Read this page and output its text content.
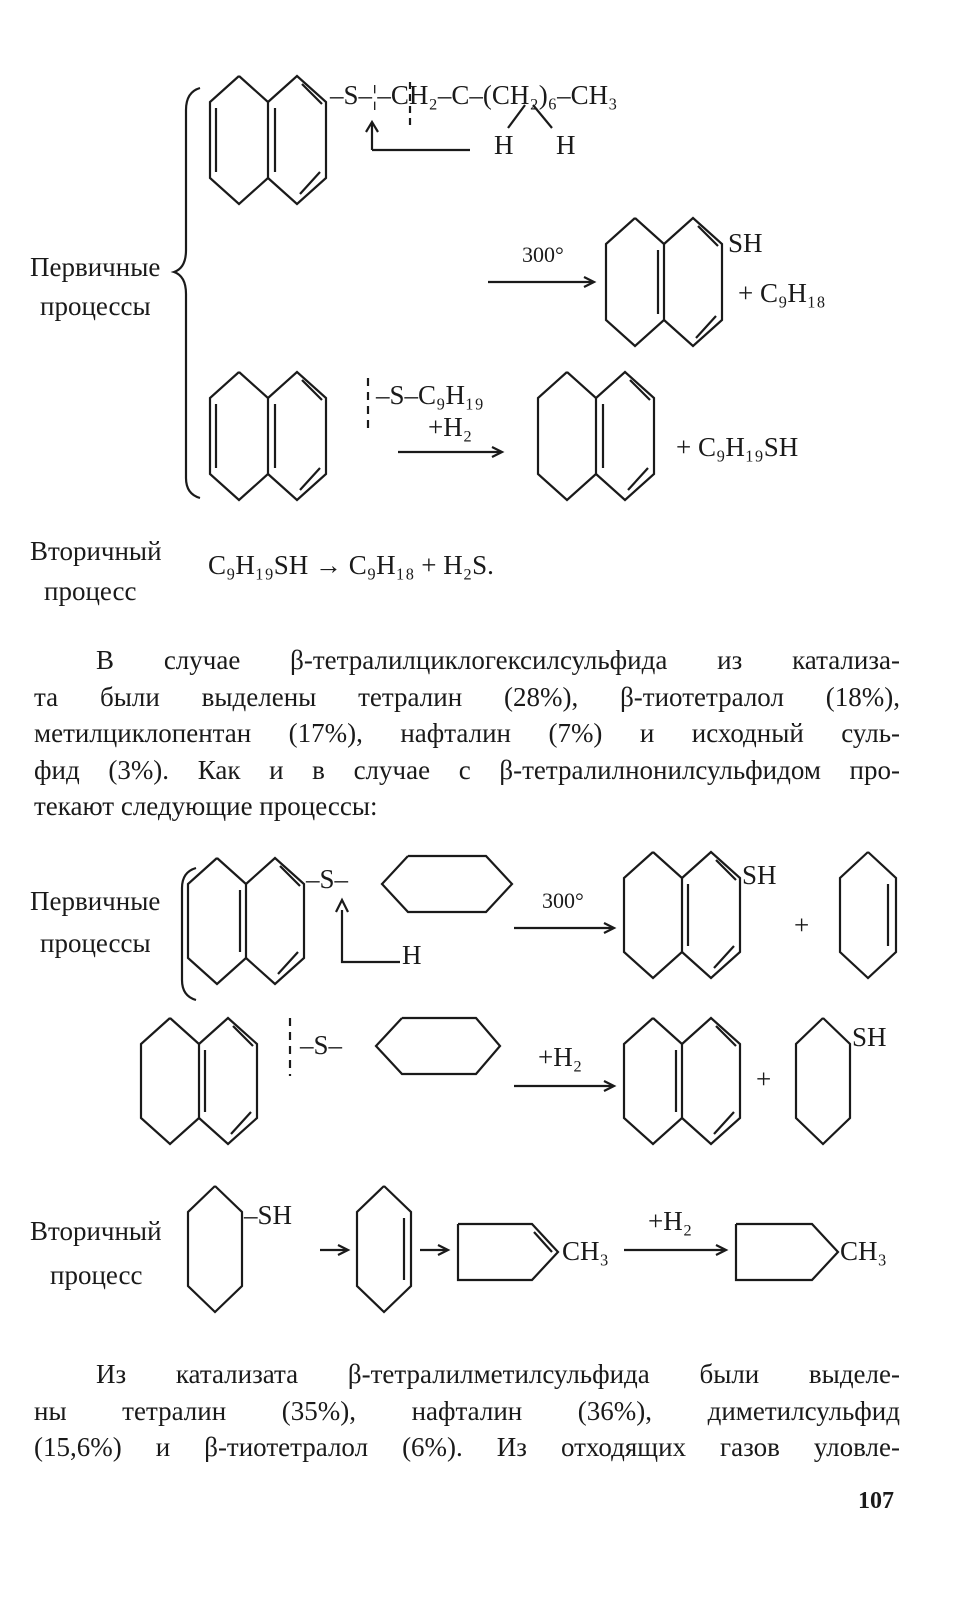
Первичные
процессы
Вторичный
процесс
–S–¦–CH₂–C–(CH₂)₆–CH₃
H H
300°	SH
+ C₉H₁₈
–S–C₉H₁₉
+H₂
+ C₉H₁₉SH
C₉H₁₉SH → C₉H₁₈ + H₂S.
В случае β-тетралилциклогексилсульфида из катализа-
та были выделены тетралин (28%), β-тиотетралол (18%),
метилциклопентан (17%), нафталин (7%) и исходный суль-
фид (3%). Как и в случае с β-тетралилнонилсульфидом про-
текают следующие процессы:
Первичные
процессы
Вторичный
процесс
–S–
H
300°
SH
+
–S–	+H₂
+
SH
–SH
CH₃
+H₂
CH₃
Из катализата β-тетралилметилсульфида были выделе-
ны тетралин (35%), нафталин (36%), диметилсульфид
(15,6%) и β-тиотетралол (6%). Из отходящих газов уловле-
107
